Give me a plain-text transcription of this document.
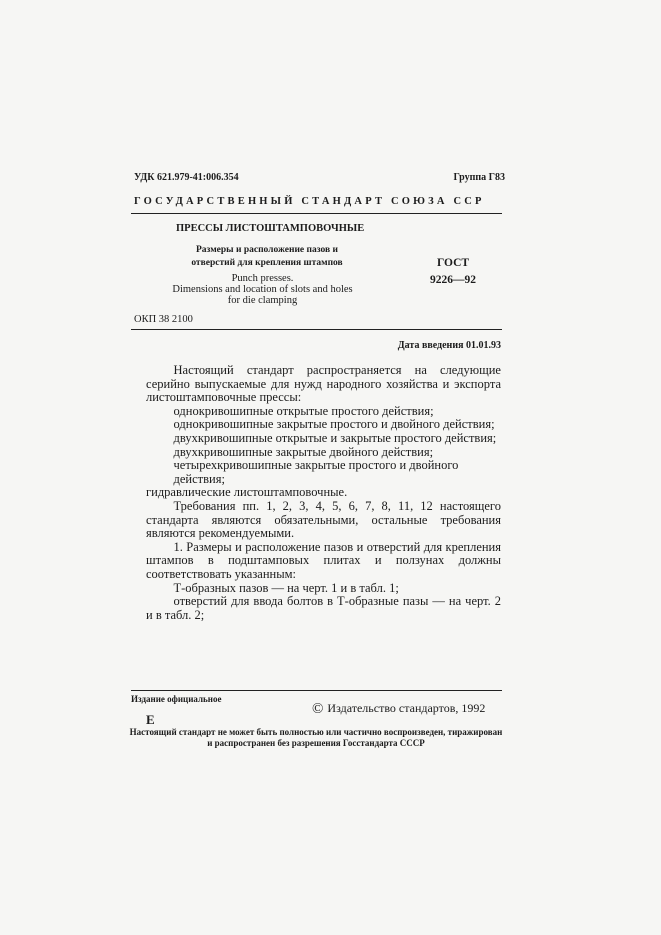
УДК 621.979-41:006.354	Группа Г83
ГОСУДАРСТВЕННЫЙ СТАНДАРТ СОЮЗА ССР
ПРЕССЫ ЛИСТОШТАМПОВОЧНЫЕ
Размеры и расположение пазов и
отверстий для крепления штампов
Punch presses.
Dimensions and location of slots and holes
for die clamping
ГОСТ
9226—92
ОКП 38 2100
Дата введения 01.01.93

Настоящий стандарт распространяется на следующие серийно выпускаемые для нужд народного хозяйства и экспорта листоштамповочные прессы:

однокривошипные открытые простого действия;

однокривошипные закрытые простого и двойного действия;

двухкривошипные открытые и закрытые простого действия;

двухкривошипные закрытые двойного действия;

четырехкривошипные закрытые простого и двойного действия;

гидравлические листоштамповочные.

Требования пп. 1, 2, 3, 4, 5, 6, 7, 8, 11, 12 настоящего стандарта являются обязательными, остальные требования являются рекомендуемыми.

1. Размеры и расположение пазов и отверстий для крепления штампов в подштамповых плитах и ползунах должны соответствовать указанным:

Т-образных пазов — на черт. 1 и в табл. 1;

отверстий для ввода болтов в Т-образные пазы — на черт. 2 и в табл. 2;

Издание официальное
© Издательство стандартов, 1992
Е
Настоящий стандарт не может быть полностью или частично воспроизведен, тиражирован и распространен без разрешения Госстандарта СССР
